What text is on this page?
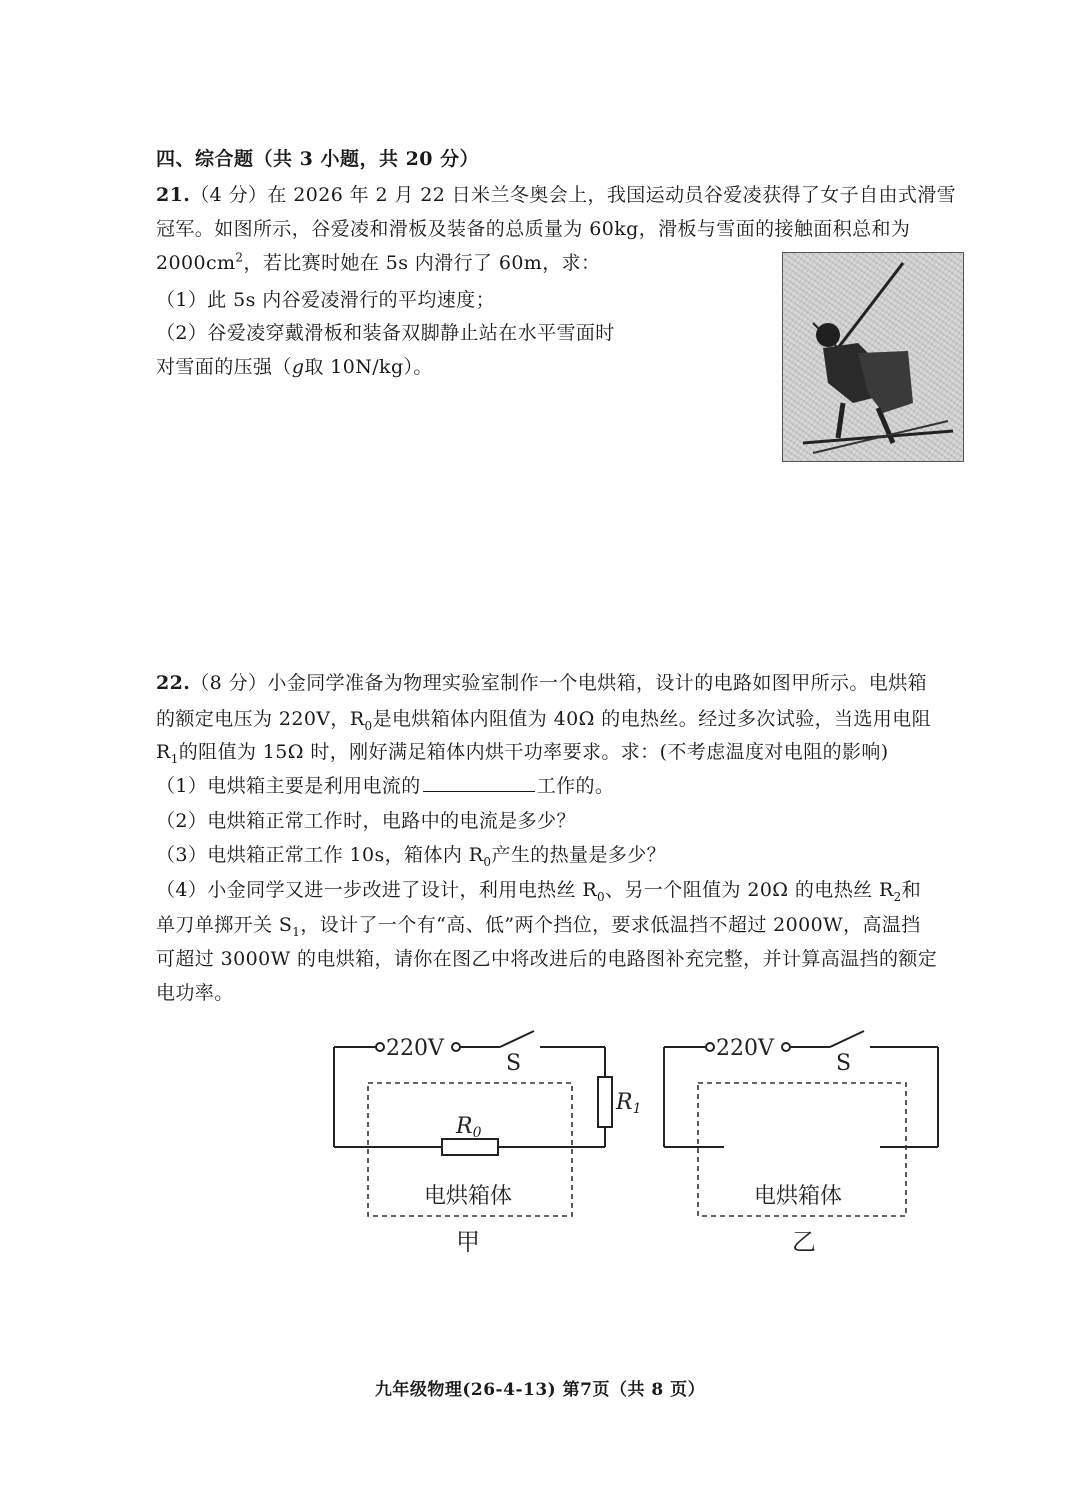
四、综合题（共 3 小题，共 20 分）
21.（4 分）在 2026 年 2 月 22 日米兰冬奥会上，我国运动员谷爱凌获得了女子自由式滑雪
冠军。如图所示，谷爱凌和滑板及装备的总质量为 60kg，滑板与雪面的接触面积总和为
$2000cm^2$，若比赛时她在 5s 内滑行了 60m，求：
（1）此 5s 内谷爱凌滑行的平均速度；
（2）谷爱凌穿戴滑板和装备双脚静止站在水平雪面时
对雪面的压强（g取 10N/kg）。
22.（8 分）小金同学准备为物理实验室制作一个电烘箱，设计的电路如图甲所示。电烘箱
的额定电压为 220V，$R_0$是电烘箱体内阻值为 40Ω 的电热丝。经过多次试验，当选用电阻
$R_1$的阻值为 15Ω 时，刚好满足箱体内烘干功率要求。求：(不考虑温度对电阻的影响)
（1）电烘箱主要是利用电流的	工作的。
（2）电烘箱正常工作时，电路中的电流是多少？
（3）电烘箱正常工作 10s，箱体内 $R_0$产生的热量是多少？
（4）小金同学又进一步改进了设计，利用电热丝 $R_0$、另一个阻值为 20Ω 的电热丝 $R_2$和
单刀单掷开关 $S_1$，设计了一个有“高、低”两个挡位，要求低温挡不超过 2000W，高温挡
可超过 3000W 的电烘箱，请你在图乙中将改进后的电路图补充完整，并计算高温挡的额定
电功率。
220V
S
R1
R0
电烘箱体
甲
220V
S
电烘箱体
乙
九年级物理(26-4-13) 第7页（共 8 页）
